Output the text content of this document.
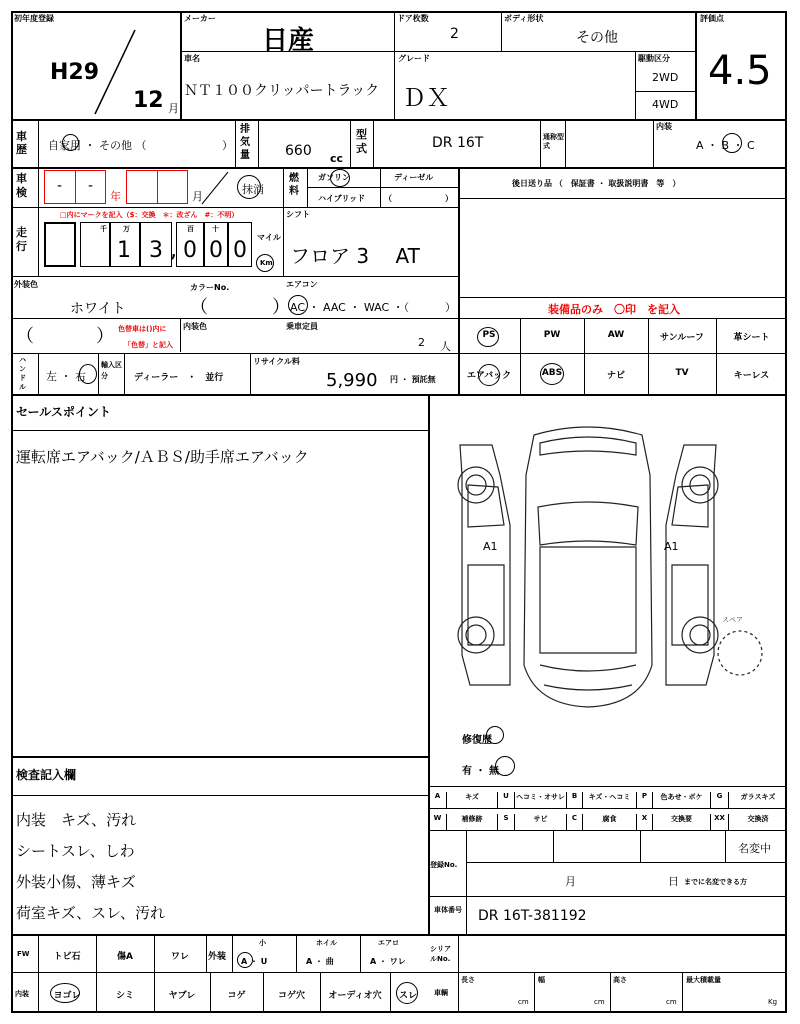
初年度登録
H29
12 月
メーカー
日産
ドア枚数
2
ボディ形状
その他
評価点
4.5
車名
ＮＴ１００クリッパートラック
グレード
ＤＸ
駆動区分
2WD
4WD
車歴 自家用 ・ その他 （	）
排気量	660 cc
型式	DR 16T	通称型式
内装
A ・ B ・ C
車検 - -
年	月
抹消
燃料
ガソリン	ディーゼル
ハイブリッド （	）
後日送り品 （　保証書 ・ 取扱説明書　等　）
走行
□内にマークを記入（$：交換　＊：改ざん　#：不明）
万
千	百	十
1 3 , 0 0 0
マイル
Km
シフト
フロア 3　 AT
外装色
ホワイト
カラーNo.
（	）
エアコン
AC ・ AAC ・ WAC ・（	）	装備品のみ　〇印　を記入
（	） 色替車は()内に
「色替」と記入
内装色	乗車定員
2 人
PS	PW	AW	サンルーフ	革シート
エアバック	ABS	ナビ	TV	キーレス
ハンドル
左 ・ 右
輸入区分	ディーラー　・　並行
リサイクル料
5,990 円 ・ 預託無
セールスポイント
運転席エアバック/ＡＢＳ/助手席エアバック
検査記入欄
内装　キズ、汚れ
シートスレ、しわ
外装小傷、薄キズ
荷室キズ、スレ、汚れ
A1	A1
スペア
修復歴
有 ・ 無
A	キズ	U	ヘコミ・オサレ B	キズ・ヘコミ	P	色あせ・ボケ	G	ガラスキズ
W	補修跡	S	サビ	C	腐食	X	交換要	XX	交換済
登録No.
名変中
月	日 までに名変できる方
車体番号 DR 16T-381192
FW	トビ石	傷A	ワレ	外装
小
A ・ U
ホイル
A ・ 曲
エアロ
A ・ ワレ
シリアルNo.
内装	ヨゴレ	シミ	ヤブレ	コゲ	コゲ穴	オーディオ穴	スレ	車輌
長さ
cm
幅
cm
高さ
cm
最大積載量
Kg
